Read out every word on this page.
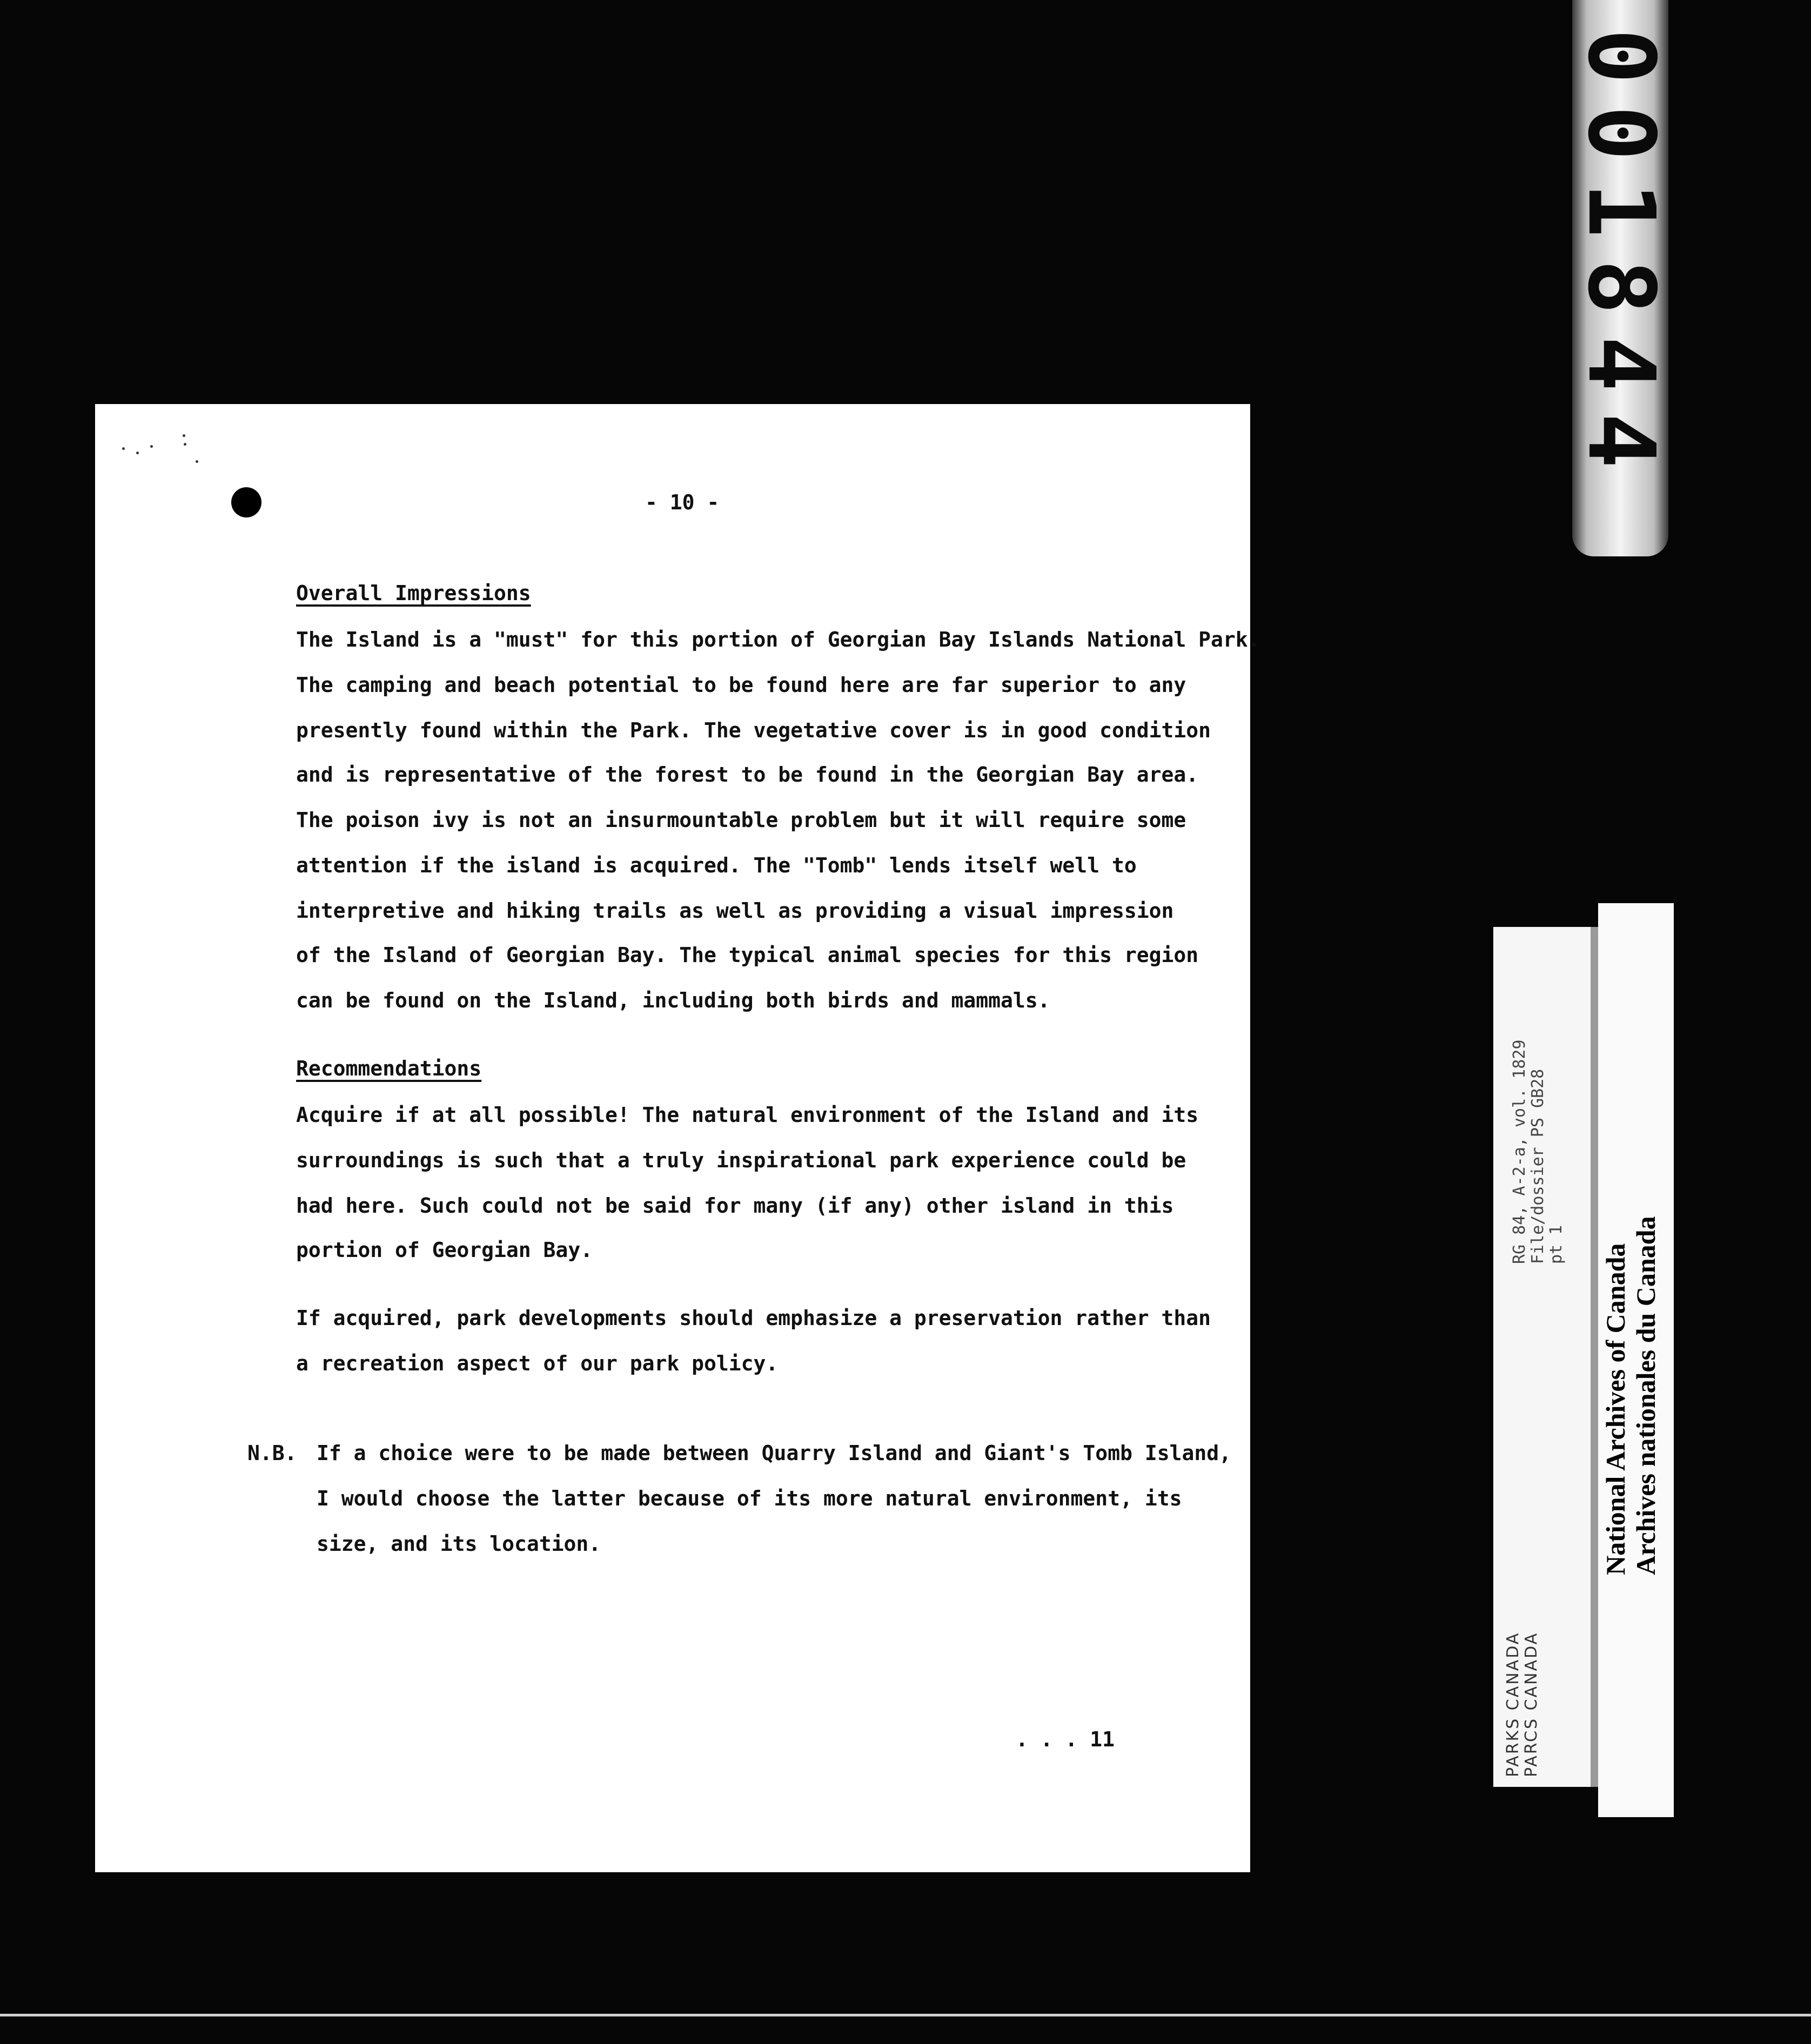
001844
- 10 -
Overall Impressions
The Island is a "must" for this portion of Georgian Bay Islands National Park.
The camping and beach potential to be found here are far superior to any
presently found within the Park. The vegetative cover is in good condition
and is representative of the forest to be found in the Georgian Bay area.
The poison ivy is not an insurmountable problem but it will require some
attention if the island is acquired. The "Tomb" lends itself well to
interpretive and hiking trails as well as providing a visual impression
of the Island of Georgian Bay. The typical animal species for this region
can be found on the Island, including both birds and mammals.
Recommendations
Acquire if at all possible! The natural environment of the Island and its
surroundings is such that a truly inspirational park experience could be
had here. Such could not be said for many (if any) other island in this
portion of Georgian Bay.
If acquired, park developments should emphasize a preservation rather than
a recreation aspect of our park policy.
N.B. If a choice were to be made between Quarry Island and Giant's Tomb Island,
I would choose the latter because of its more natural environment, its
size, and its location.
. . . 11
RG 84, A-2-a, vol. 1829 File/dossier PS GB28 pt 1
PARKS CANADA PARCS CANADA
National Archives of Canada Archives nationales du Canada
